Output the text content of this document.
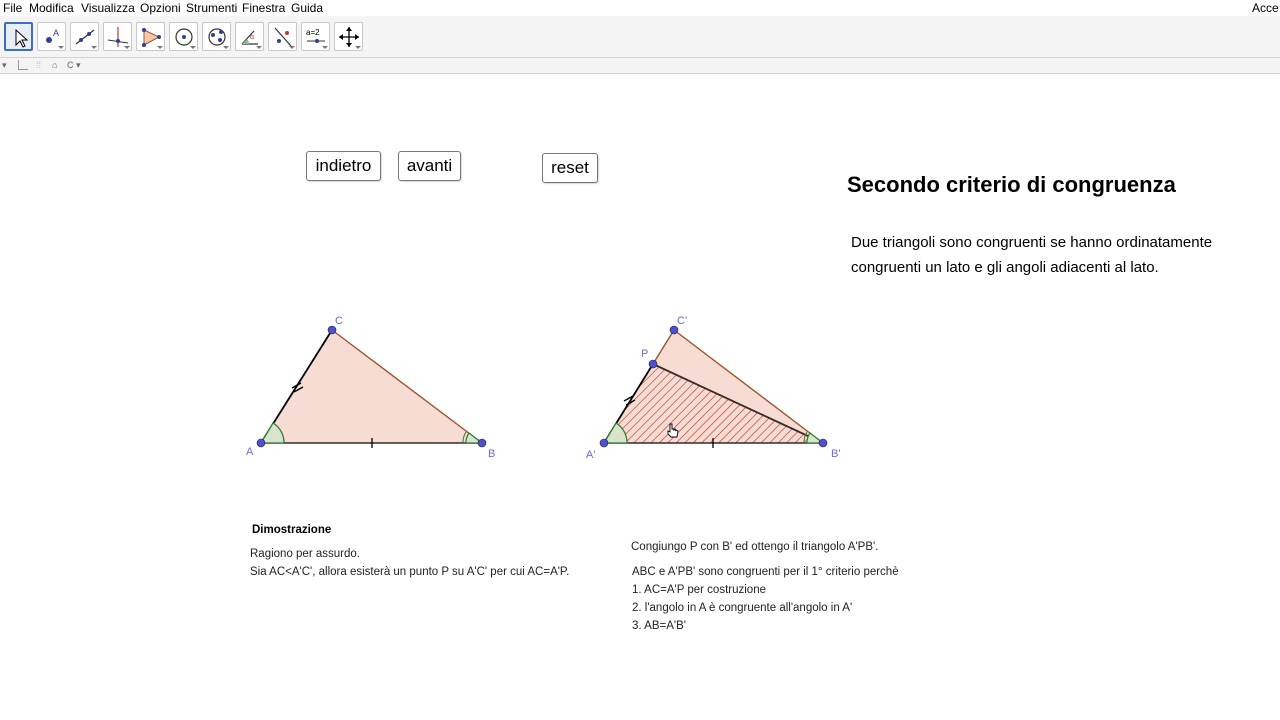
File Modifica Visualizza Opzioni Strumenti Finestra Guida	Acce
A	α
a=2
▾	⁞⁞ ⌂ C ▾
indietro	avanti	reset
Secondo criterio di congruenza
Due triangoli sono congruenti se hanno ordinatamente congruenti un lato e gli angoli adiacenti al lato.
A	B
C
A'	B'
C'
P
Dimostrazione
Ragiono per assurdo.
Sia AC<A'C', allora esisterà un punto P su A'C' per cui AC=A'P.
Congiungo P con B' ed ottengo il triangolo A'PB'.
ABC e A'PB' sono congruenti per il 1° criterio perchè
1. AC=A'P per costruzione
2. l'angolo in A è congruente all'angolo in A'
3. AB=A'B'
